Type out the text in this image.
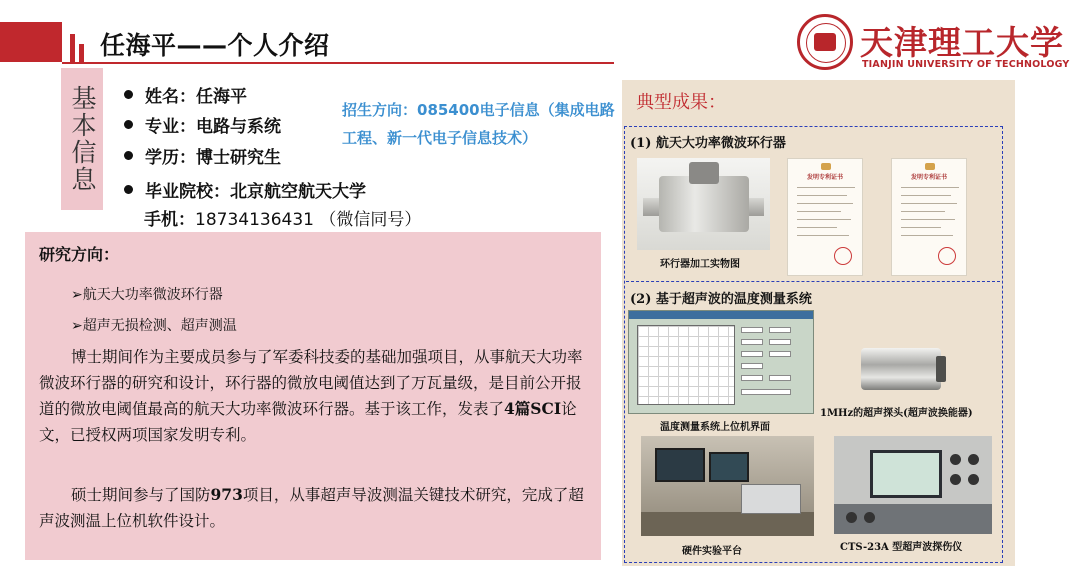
任海平——个人介绍	天津理工大学
TIANJIN UNIVERSITY OF TECHNOLOGY
基本信息	姓名：任海平
专业：电路与系统
学历：博士研究生
毕业院校：北京航空航天大学
手机：18734136431 （微信同号）
招生方向：085400电子信息（集成电路工程、新一代电子信息技术）
研究方向：
➢航天大功率微波环行器
➢超声无损检测、超声测温
博士期间作为主要成员参与了军委科技委的基础加强项目，从事航天大功率微波环行器的研究和设计，环行器的微放电阈值达到了万瓦量级，是目前公开报道的微放电阈值最高的航天大功率微波环行器。基于该工作，发表了4篇SCI论文，已授权两项国家发明专利。
硕士期间参与了国防973项目，从事超声导波测温关键技术研究，完成了超声波测温上位机软件设计。
典型成果：
(1) 航天大功率微波环行器
环行器加工实物图
发明专利证书	发明专利证书
(2) 基于超声波的温度测量系统
温度测量系统上位机界面
1MHz的超声探头(超声波换能器)
硬件实验平台	CTS-23A 型超声波探伤仪
